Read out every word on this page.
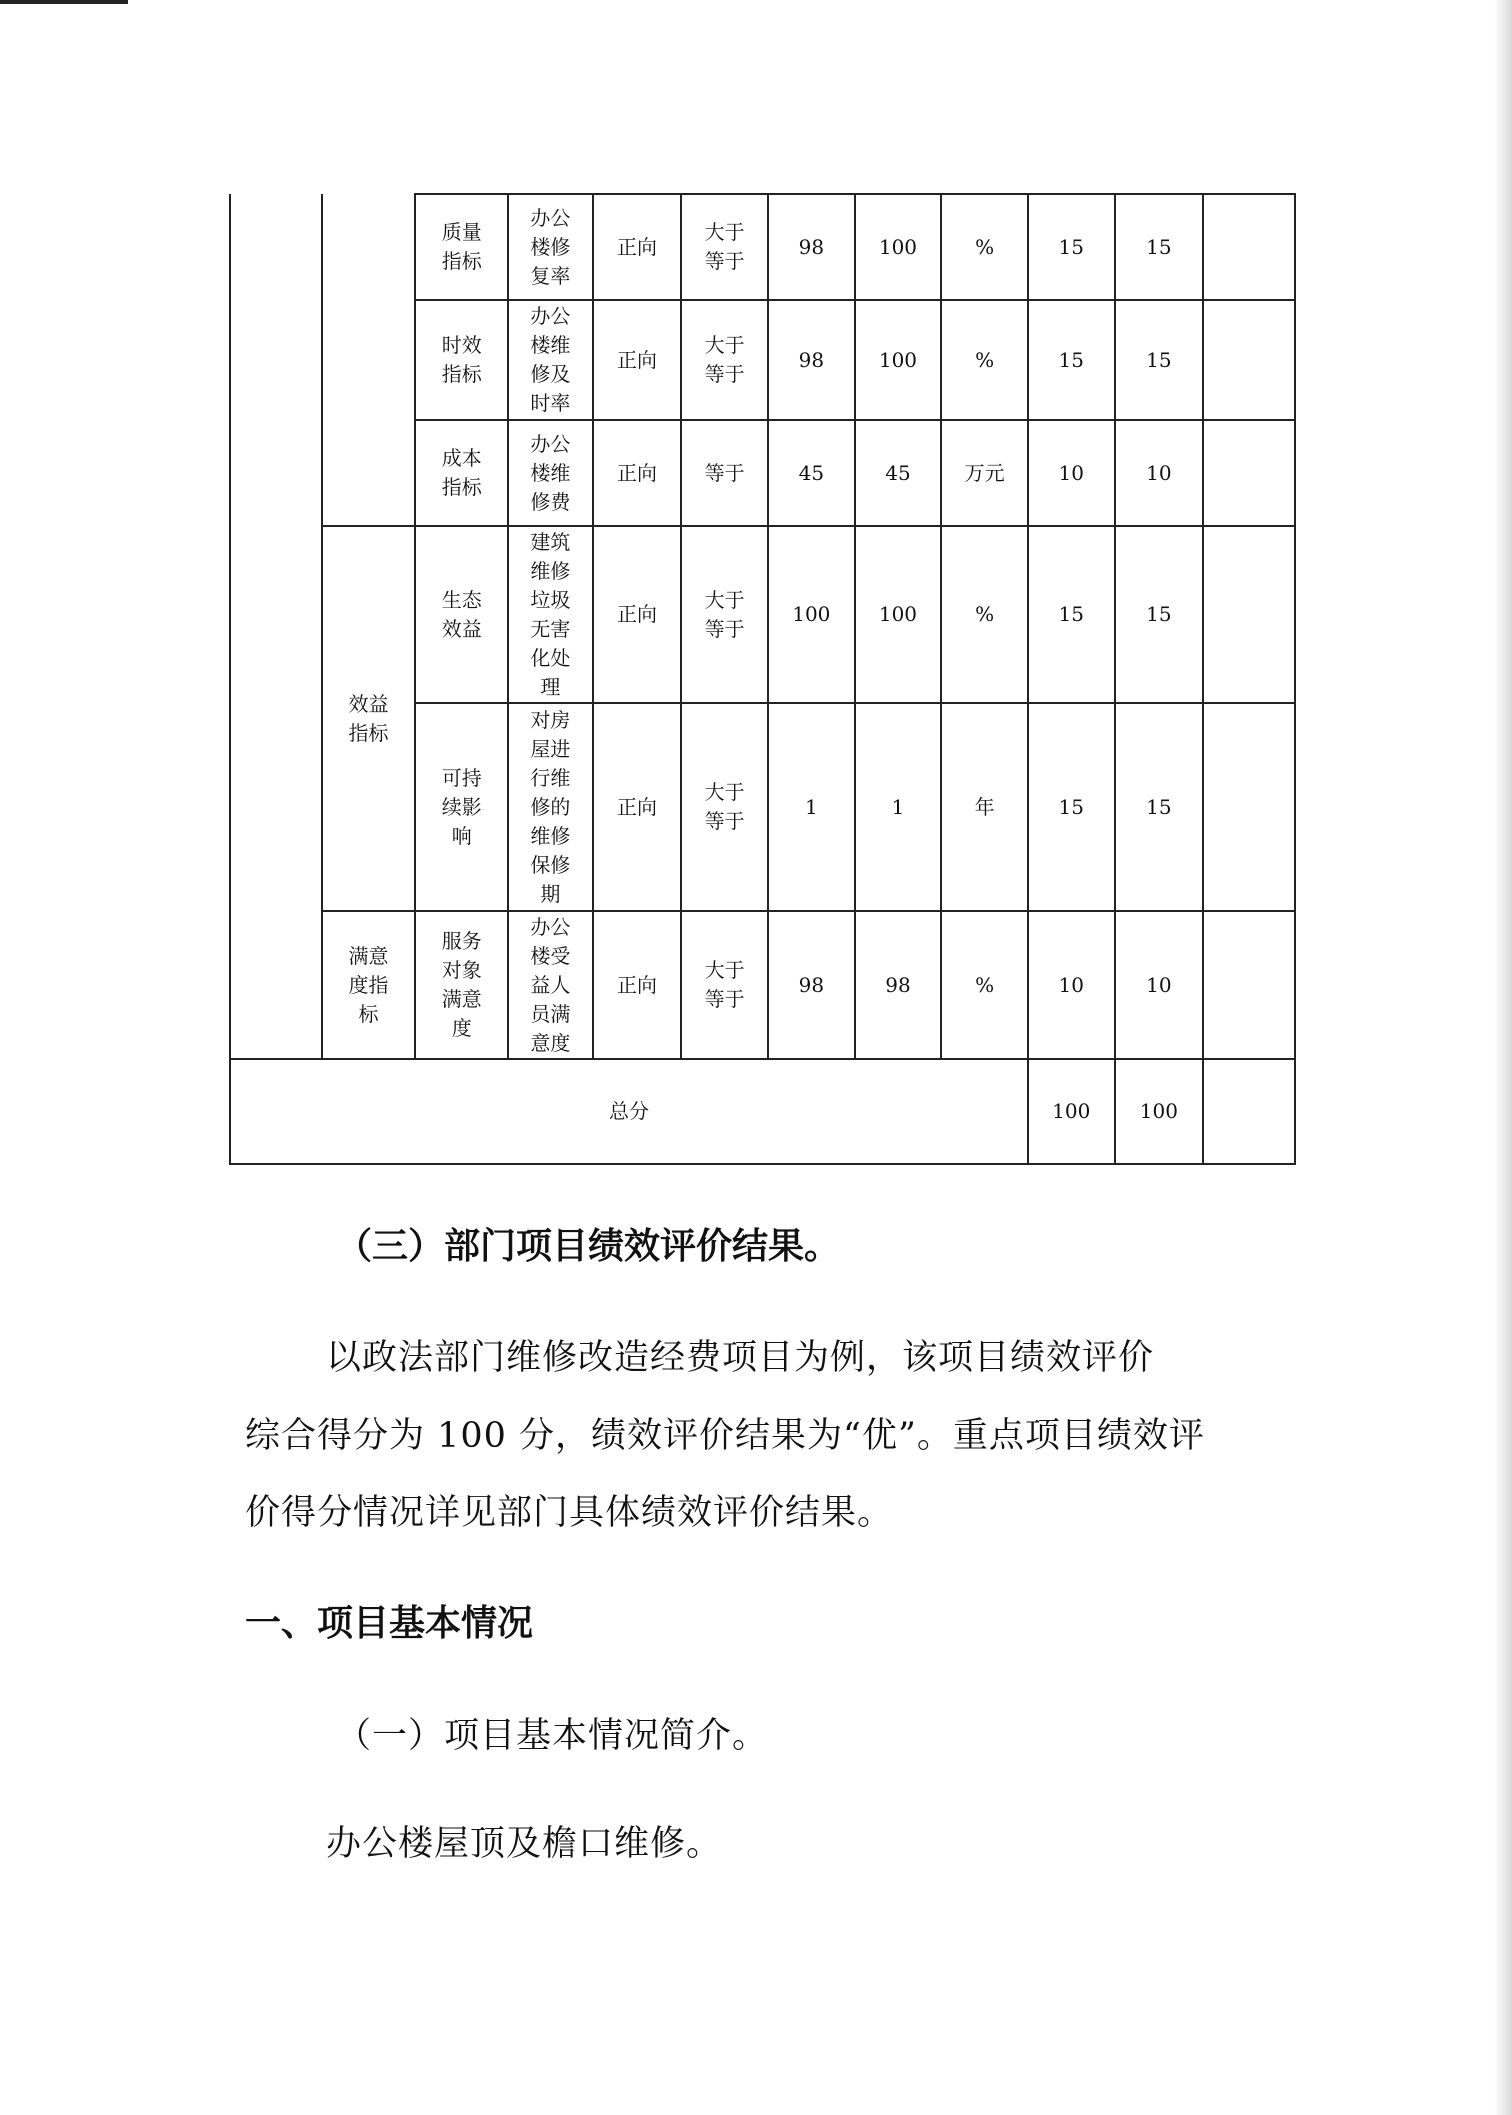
		质量指标	办公楼修复率	正向	大于等于	98	100	%	15	15	
		时效指标	办公楼维修及时率	正向	大于等于	98	100	%	15	15	
		成本指标	办公楼维修费	正向	等于	45	45	万元	10	10	
	效益指标	生态效益	建筑维修垃圾无害化处理	正向	大于等于	100	100	%	15	15	
		可持续影响	对房屋进行维修的维修保修期	正向	大于等于	1	1	年	15	15	
	满意度指标	服务对象满意度	办公楼受益人员满意度	正向	大于等于	98	98	%	10	10	
总分									100	100	
（三）部门项目绩效评价结果。
以政法部门维修改造经费项目为例，该项目绩效评价
综合得分为 100 分，绩效评价结果为“优”。重点项目绩效评
价得分情况详见部门具体绩效评价结果。
一、项目基本情况
（一）项目基本情况简介。
办公楼屋顶及檐口维修。
